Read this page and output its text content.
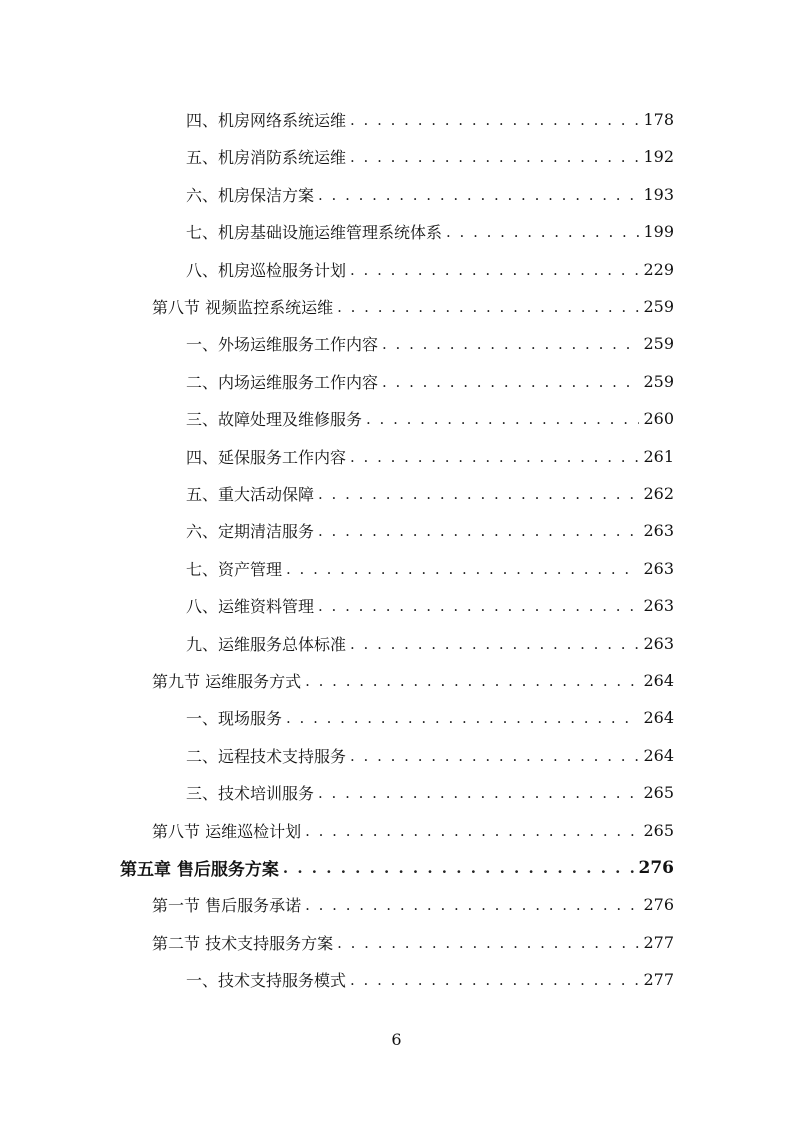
四、机房网络系统运维 . . .	178
五、机房消防系统运维 . . .	192
六、机房保洁方案 . . .	193
七、机房基础设施运维管理系统体系 . . .	199
八、机房巡检服务计划 . . .	229
第八节 视频监控系统运维 . . .	259
一、外场运维服务工作内容 . . .	259
二、内场运维服务工作内容 . . .	259
三、故障处理及维修服务 . . .	260
四、延保服务工作内容 . . .	261
五、重大活动保障 . . .	262
六、定期清洁服务 . . .	263
七、资产管理 . . .	263
八、运维资料管理 . . .	263
九、运维服务总体标准 . . .	263
第九节 运维服务方式 . . .	264
一、现场服务 . . .	264
二、远程技术支持服务 . . .	264
三、技术培训服务 . . .	265
第八节 运维巡检计划 . . .	265
第五章 售后服务方案 . . .	276
第一节 售后服务承诺 . . .	276
第二节 技术支持服务方案 . . .	277
一、技术支持服务模式 . . .	277
6
